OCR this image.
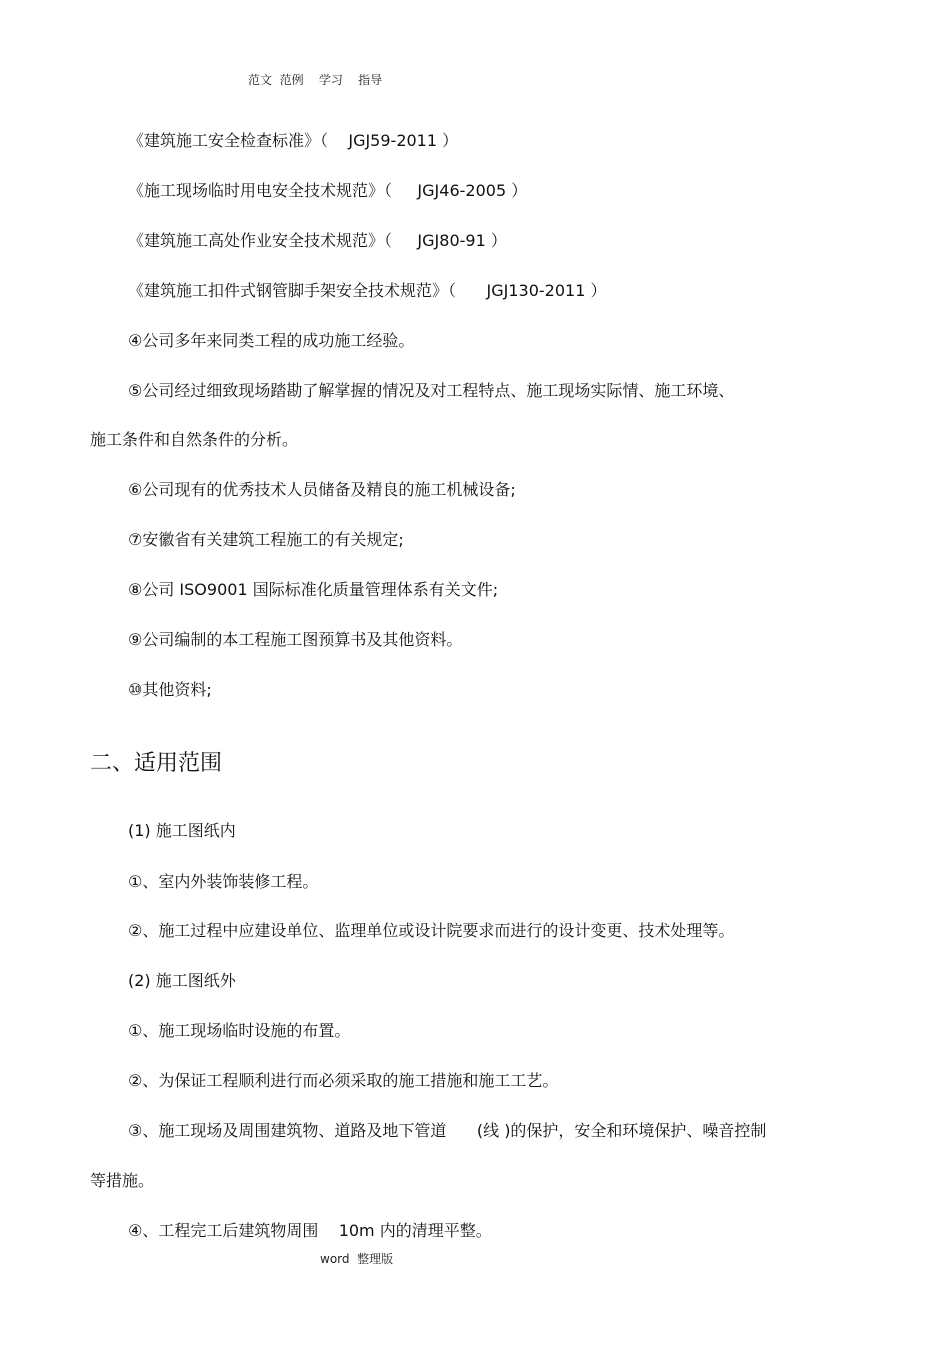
范文  范例    学习    指导
《建筑施工安全检查标准》（    JGJ59-2011 ）
《施工现场临时用电安全技术规范》（     JGJ46-2005 ）
《建筑施工高处作业安全技术规范》（     JGJ80-91 ）
《建筑施工扣件式钢管脚手架安全技术规范》（      JGJ130-2011 ）
④公司多年来同类工程的成功施工经验。
⑤公司经过细致现场踏勘了解掌握的情况及对工程特点、施工现场实际情、施工环境、
施工条件和自然条件的分析。
⑥公司现有的优秀技术人员储备及精良的施工机械设备;
⑦安徽省有关建筑工程施工的有关规定;
⑧公司 ISO9001 国际标准化质量管理体系有关文件;
⑨公司编制的本工程施工图预算书及其他资料。
⑩其他资料;
二、适用范围
(1) 施工图纸内
①、室内外装饰装修工程。
②、施工过程中应建设单位、监理单位或设计院要求而进行的设计变更、技术处理等。
(2) 施工图纸外
①、施工现场临时设施的布置。
②、为保证工程顺利进行而必须采取的施工措施和施工工艺。
③、施工现场及周围建筑物、道路及地下管道      (线 )的保护，安全和环境保护、噪音控制
等措施。
④、工程完工后建筑物周围    10m 内的清理平整。
word  整理版
